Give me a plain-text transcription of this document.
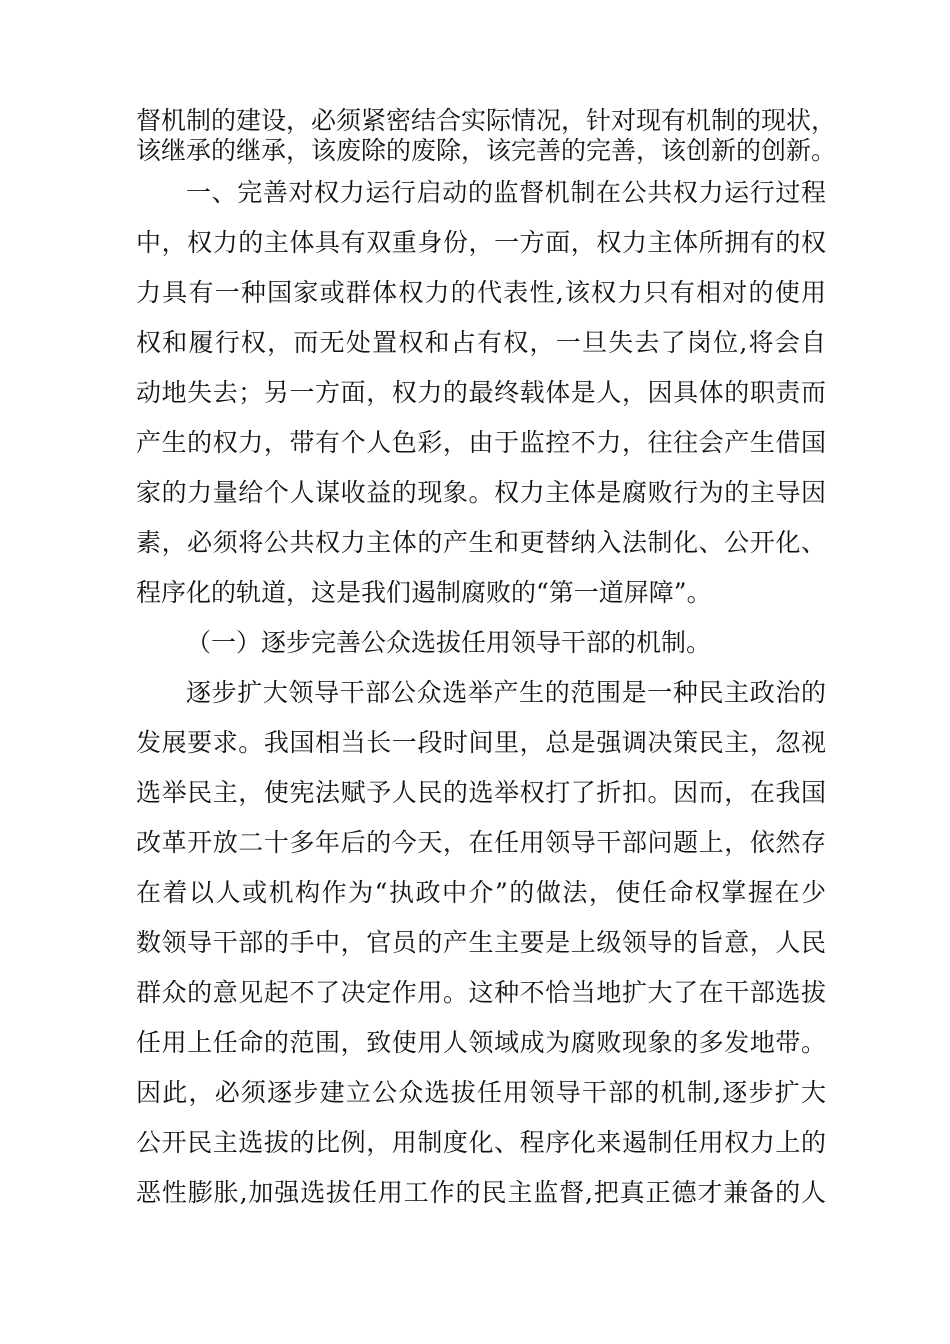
督机制的建设，必须紧密结合实际情况，针对现有机制的现状，
该继承的继承，该废除的废除，该完善的完善，该创新的创新。
一、完善对权力运行启动的监督机制在公共权力运行过程
中，权力的主体具有双重身份，一方面，权力主体所拥有的权
力具有一种国家或群体权力的代表性,该权力只有相对的使用
权和履行权，而无处置权和占有权，一旦失去了岗位,将会自
动地失去；另一方面，权力的最终载体是人，因具体的职责而
产生的权力，带有个人色彩，由于监控不力，往往会产生借国
家的力量给个人谋收益的现象。权力主体是腐败行为的主导因
素，必须将公共权力主体的产生和更替纳入法制化、公开化、
程序化的轨道，这是我们遏制腐败的“第一道屏障”。
（一）逐步完善公众选拔任用领导干部的机制。
逐步扩大领导干部公众选举产生的范围是一种民主政治的
发展要求。我国相当长一段时间里，总是强调决策民主，忽视
选举民主，使宪法赋予人民的选举权打了折扣。因而，在我国
改革开放二十多年后的今天，在任用领导干部问题上，依然存
在着以人或机构作为“执政中介”的做法，使任命权掌握在少
数领导干部的手中，官员的产生主要是上级领导的旨意，人民
群众的意见起不了决定作用。这种不恰当地扩大了在干部选拔
任用上任命的范围，致使用人领域成为腐败现象的多发地带。
因此，必须逐步建立公众选拔任用领导干部的机制,逐步扩大
公开民主选拔的比例，用制度化、程序化来遏制任用权力上的
恶性膨胀,加强选拔任用工作的民主监督,把真正德才兼备的人
